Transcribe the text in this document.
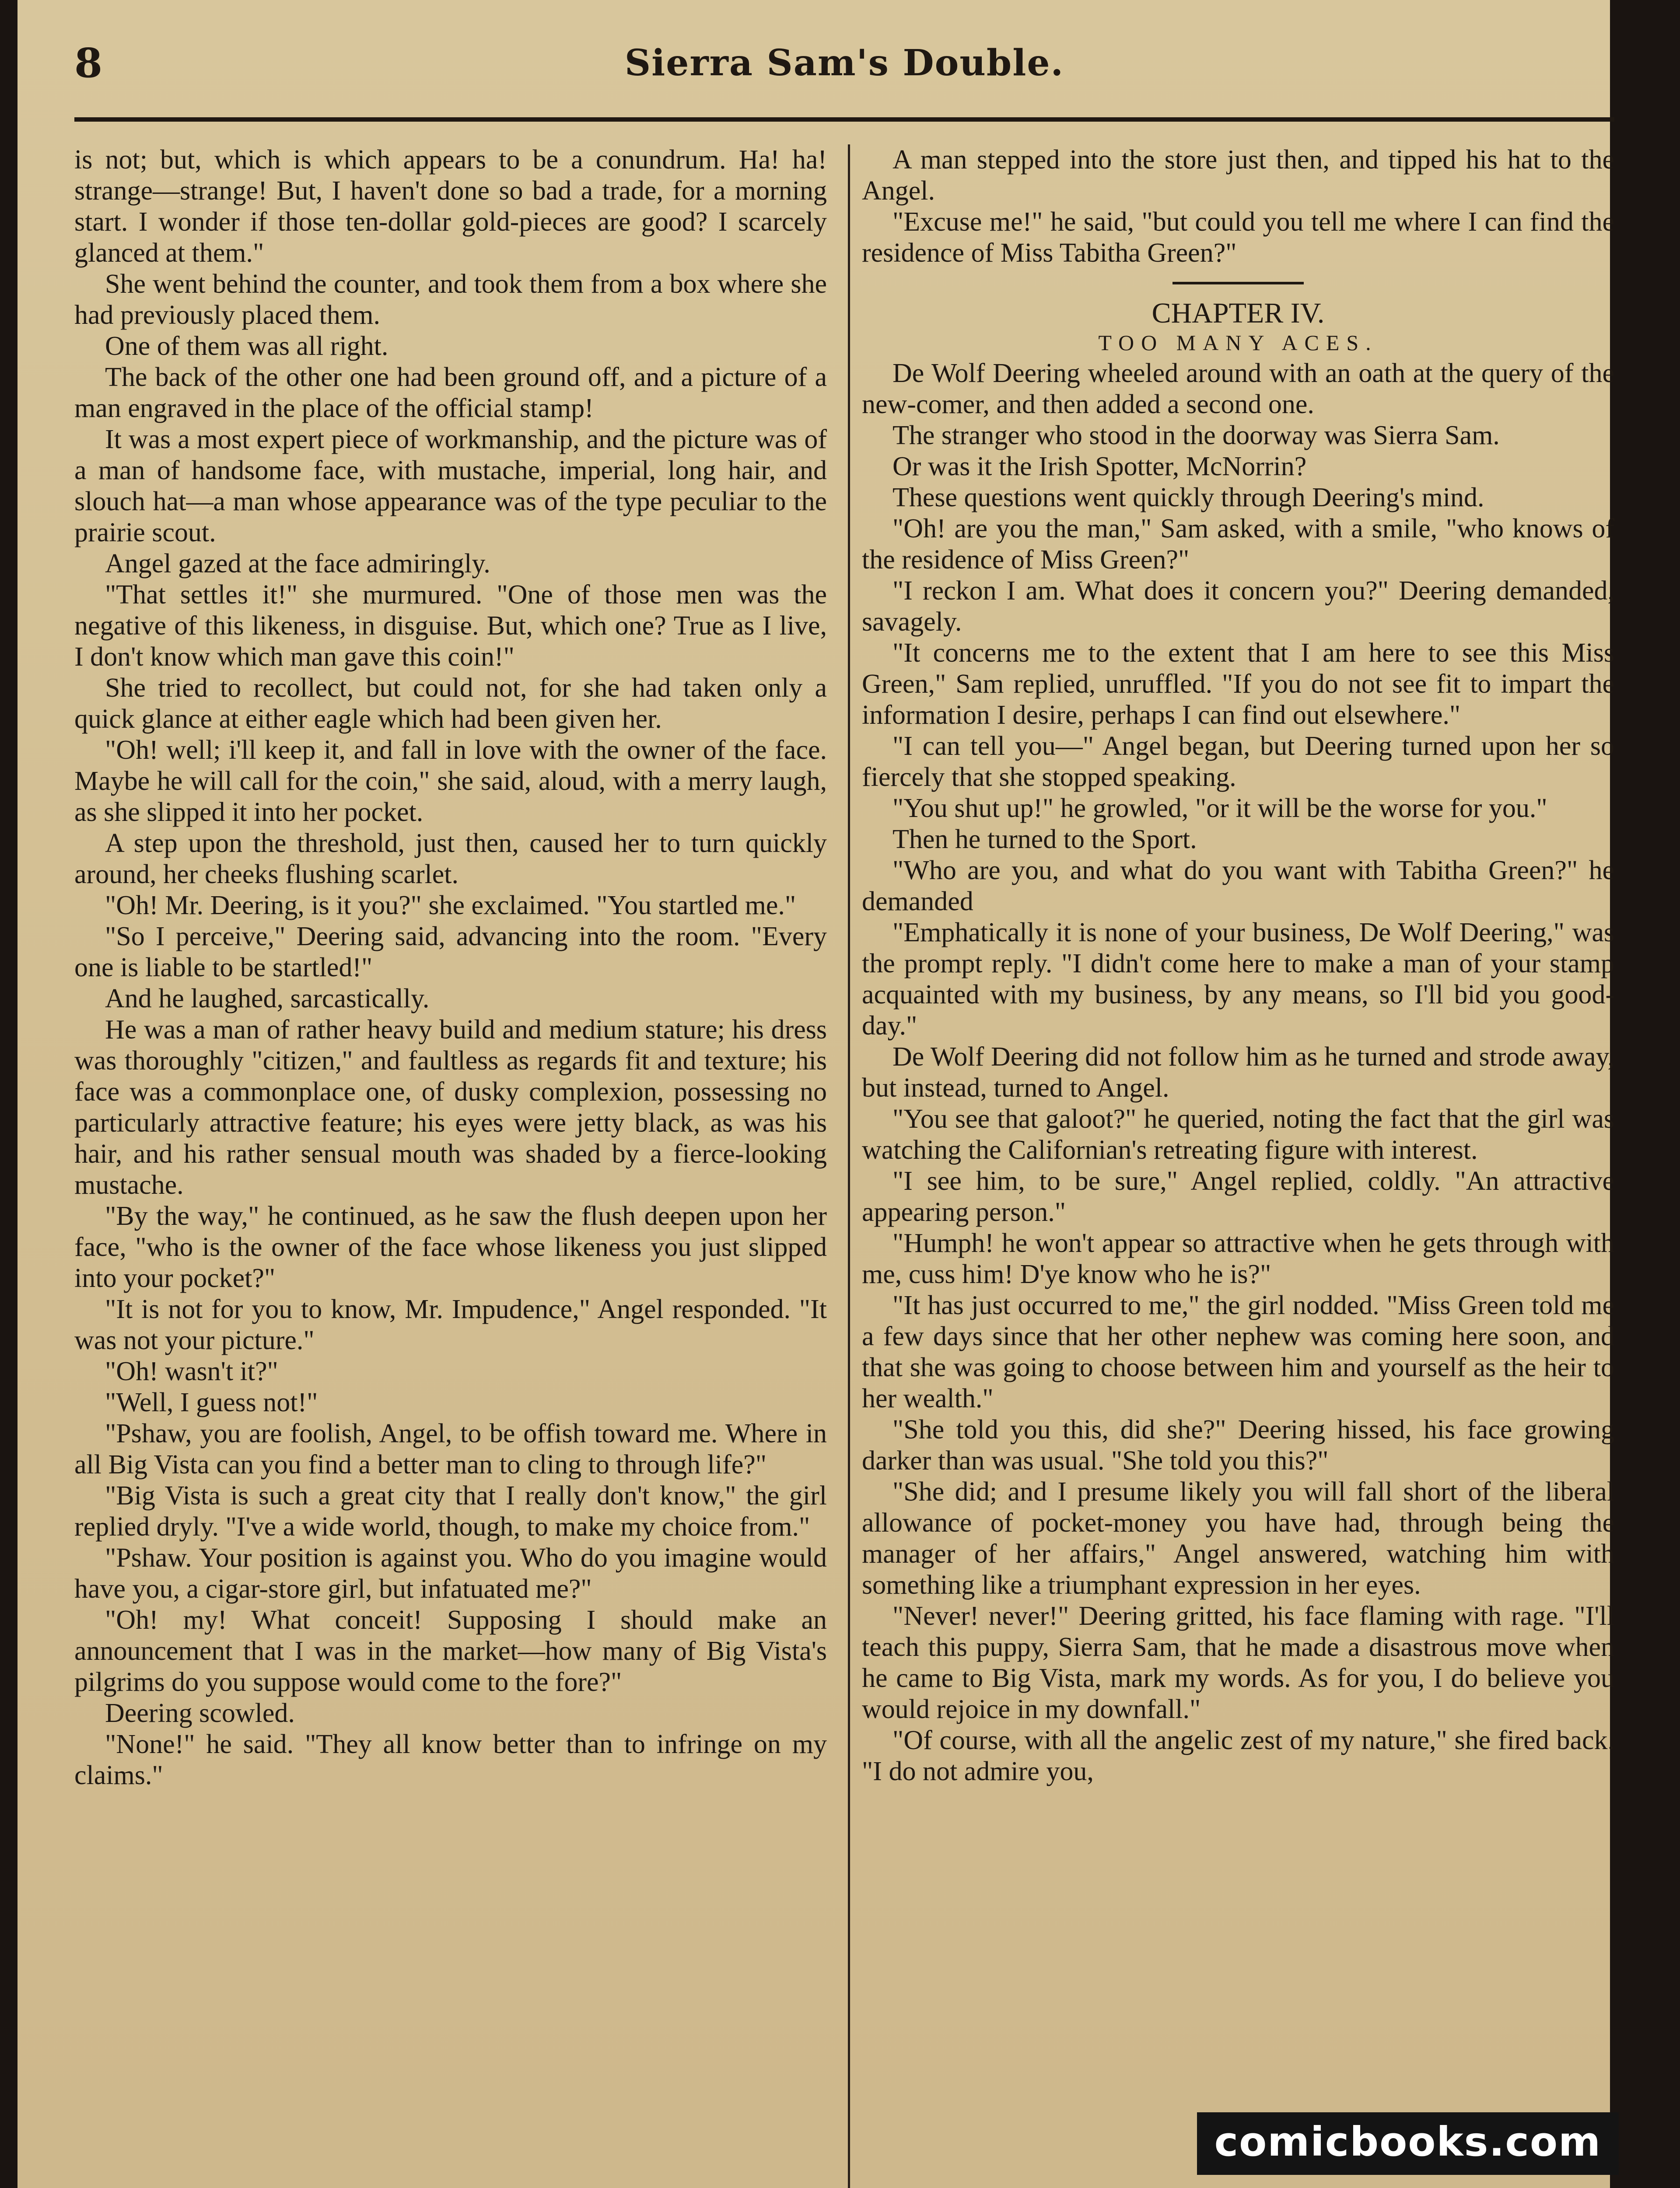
8	Sierra Sam's Double.

is not; but, which is which appears to be a conundrum. Ha! ha! strange—strange! But, I haven't done so bad a trade, for a morning start. I wonder if those ten-dollar gold-pieces are good? I scarcely glanced at them."

She went behind the counter, and took them from a box where she had previously placed them.

One of them was all right.

The back of the other one had been ground off, and a picture of a man engraved in the place of the official stamp!

It was a most expert piece of workmanship, and the picture was of a man of handsome face, with mustache, imperial, long hair, and slouch hat—a man whose appearance was of the type peculiar to the prairie scout.

Angel gazed at the face admiringly.

"That settles it!" she murmured. "One of those men was the negative of this likeness, in disguise. But, which one? True as I live, I don't know which man gave this coin!"

She tried to recollect, but could not, for she had taken only a quick glance at either eagle which had been given her.

"Oh! well; i'll keep it, and fall in love with the owner of the face. Maybe he will call for the coin," she said, aloud, with a merry laugh, as she slipped it into her pocket.

A step upon the threshold, just then, caused her to turn quickly around, her cheeks flushing scarlet.

"Oh! Mr. Deering, is it you?" she exclaimed. "You startled me."

"So I perceive," Deering said, advancing into the room. "Every one is liable to be startled!"

And he laughed, sarcastically.

He was a man of rather heavy build and medium stature; his dress was thoroughly "citizen," and faultless as regards fit and texture; his face was a commonplace one, of dusky complexion, possessing no particularly attractive feature; his eyes were jetty black, as was his hair, and his rather sensual mouth was shaded by a fierce-looking mustache.

"By the way," he continued, as he saw the flush deepen upon her face, "who is the owner of the face whose likeness you just slipped into your pocket?"

"It is not for you to know, Mr. Impudence," Angel responded. "It was not your picture."

"Oh! wasn't it?"

"Well, I guess not!"

"Pshaw, you are foolish, Angel, to be offish toward me. Where in all Big Vista can you find a better man to cling to through life?"

"Big Vista is such a great city that I really don't know," the girl replied dryly. "I've a wide world, though, to make my choice from."

"Pshaw. Your position is against you. Who do you imagine would have you, a cigar-store girl, but infatuated me?"

"Oh! my! What conceit! Supposing I should make an announcement that I was in the market—how many of Big Vista's pilgrims do you suppose would come to the fore?"

Deering scowled.

"None!" he said. "They all know better than to infringe on my claims."

A man stepped into the store just then, and tipped his hat to the Angel.

"Excuse me!" he said, "but could you tell me where I can find the residence of Miss Tabitha Green?"

CHAPTER IV.
TOO MANY ACES.

De Wolf Deering wheeled around with an oath at the query of the new-comer, and then added a second one.

The stranger who stood in the doorway was Sierra Sam.

Or was it the Irish Spotter, McNorrin?

These questions went quickly through Deering's mind.

"Oh! are you the man," Sam asked, with a smile, "who knows of the residence of Miss Green?"

"I reckon I am. What does it concern you?" Deering demanded, savagely.

"It concerns me to the extent that I am here to see this Miss Green," Sam replied, unruffled. "If you do not see fit to impart the information I desire, perhaps I can find out elsewhere."

"I can tell you—" Angel began, but Deering turned upon her so fiercely that she stopped speaking.

"You shut up!" he growled, "or it will be the worse for you."

Then he turned to the Sport.

"Who are you, and what do you want with Tabitha Green?" he demanded

"Emphatically it is none of your business, De Wolf Deering," was the prompt reply. "I didn't come here to make a man of your stamp acquainted with my business, by any means, so I'll bid you good-day."

De Wolf Deering did not follow him as he turned and strode away, but instead, turned to Angel.

"You see that galoot?" he queried, noting the fact that the girl was watching the Californian's retreating figure with interest.

"I see him, to be sure," Angel replied, coldly. "An attractive appearing person."

"Humph! he won't appear so attractive when he gets through with me, cuss him! D'ye know who he is?"

"It has just occurred to me," the girl nodded. "Miss Green told me a few days since that her other nephew was coming here soon, and that she was going to choose between him and yourself as the heir to her wealth."

"She told you this, did she?" Deering hissed, his face growing darker than was usual. "She told you this?"

"She did; and I presume likely you will fall short of the liberal allowance of pocket-money you have had, through being the manager of her affairs," Angel answered, watching him with something like a triumphant expression in her eyes.

"Never! never!" Deering gritted, his face flaming with rage. "I'll teach this puppy, Sierra Sam, that he made a disastrous move when he came to Big Vista, mark my words. As for you, I do believe you would rejoice in my downfall."

"Of course, with all the angelic zest of my nature," she fired back. "I do not admire you,

comicbooks.com
